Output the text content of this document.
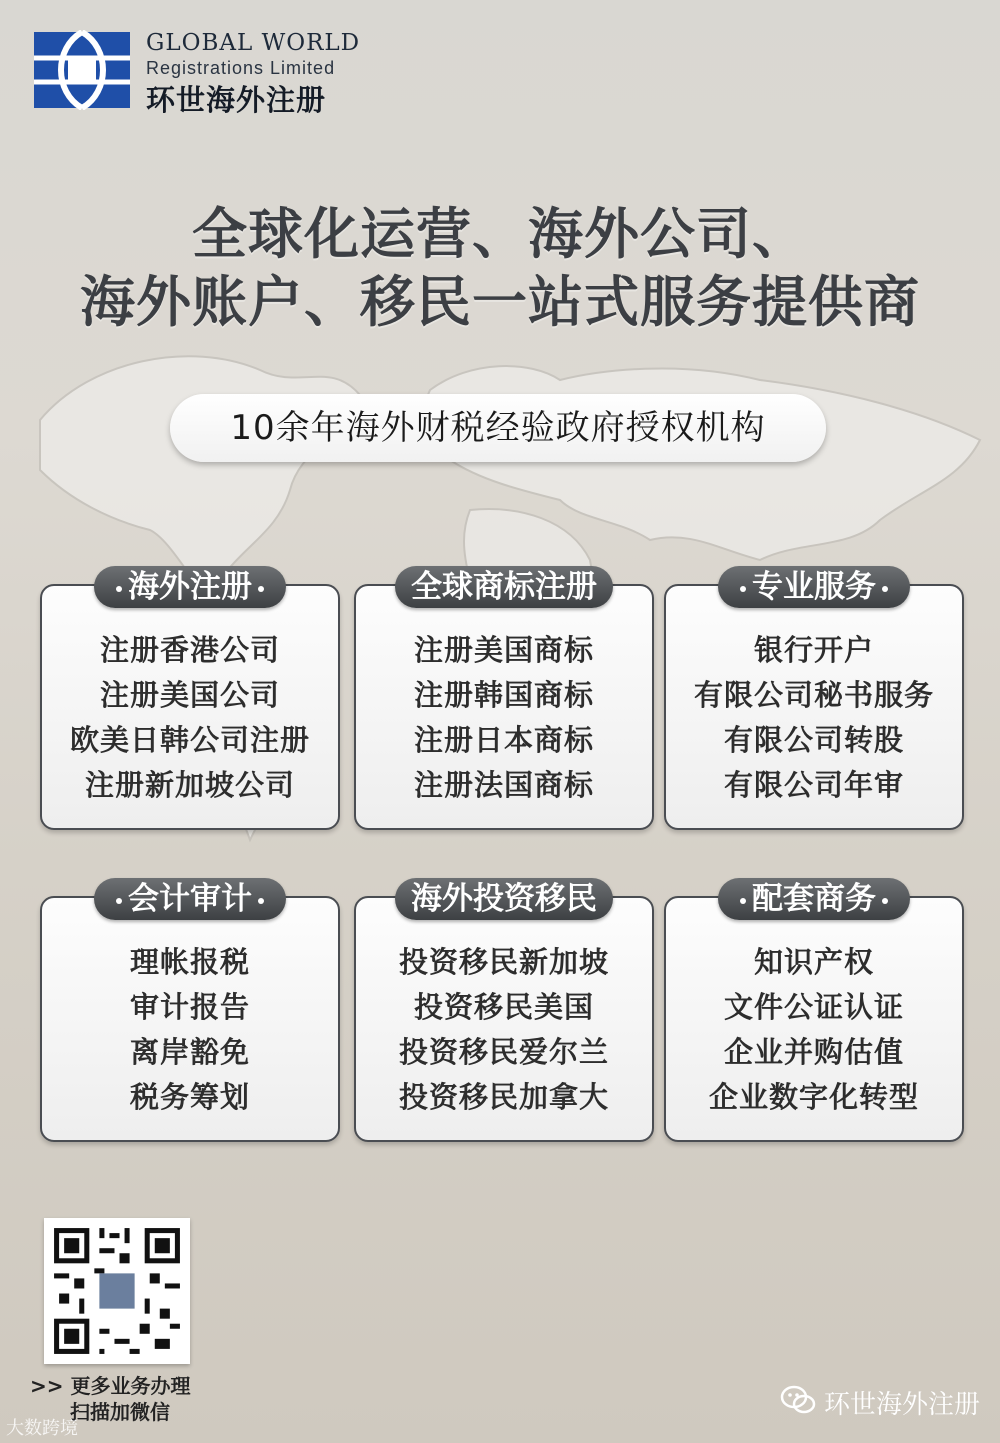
GLOBAL WORLD
Registrations Limited
环世海外注册
全球化运营、海外公司、
海外账户、移民一站式服务提供商
10余年海外财税经验政府授权机构
海外注册
注册香港公司
注册美国公司
欧美日韩公司注册
注册新加坡公司
全球商标注册
注册美国商标
注册韩国商标
注册日本商标
注册法国商标
专业服务
银行开户
有限公司秘书服务
有限公司转股
有限公司年审
会计审计
理帐报税
审计报告
离岸豁免
税务筹划
海外投资移民
投资移民新加坡
投资移民美国
投资移民爱尔兰
投资移民加拿大
配套商务
知识产权
文件公证认证
企业并购估值
企业数字化转型
>> 更多业务办理
扫描加微信
大数跨境
环世海外注册
